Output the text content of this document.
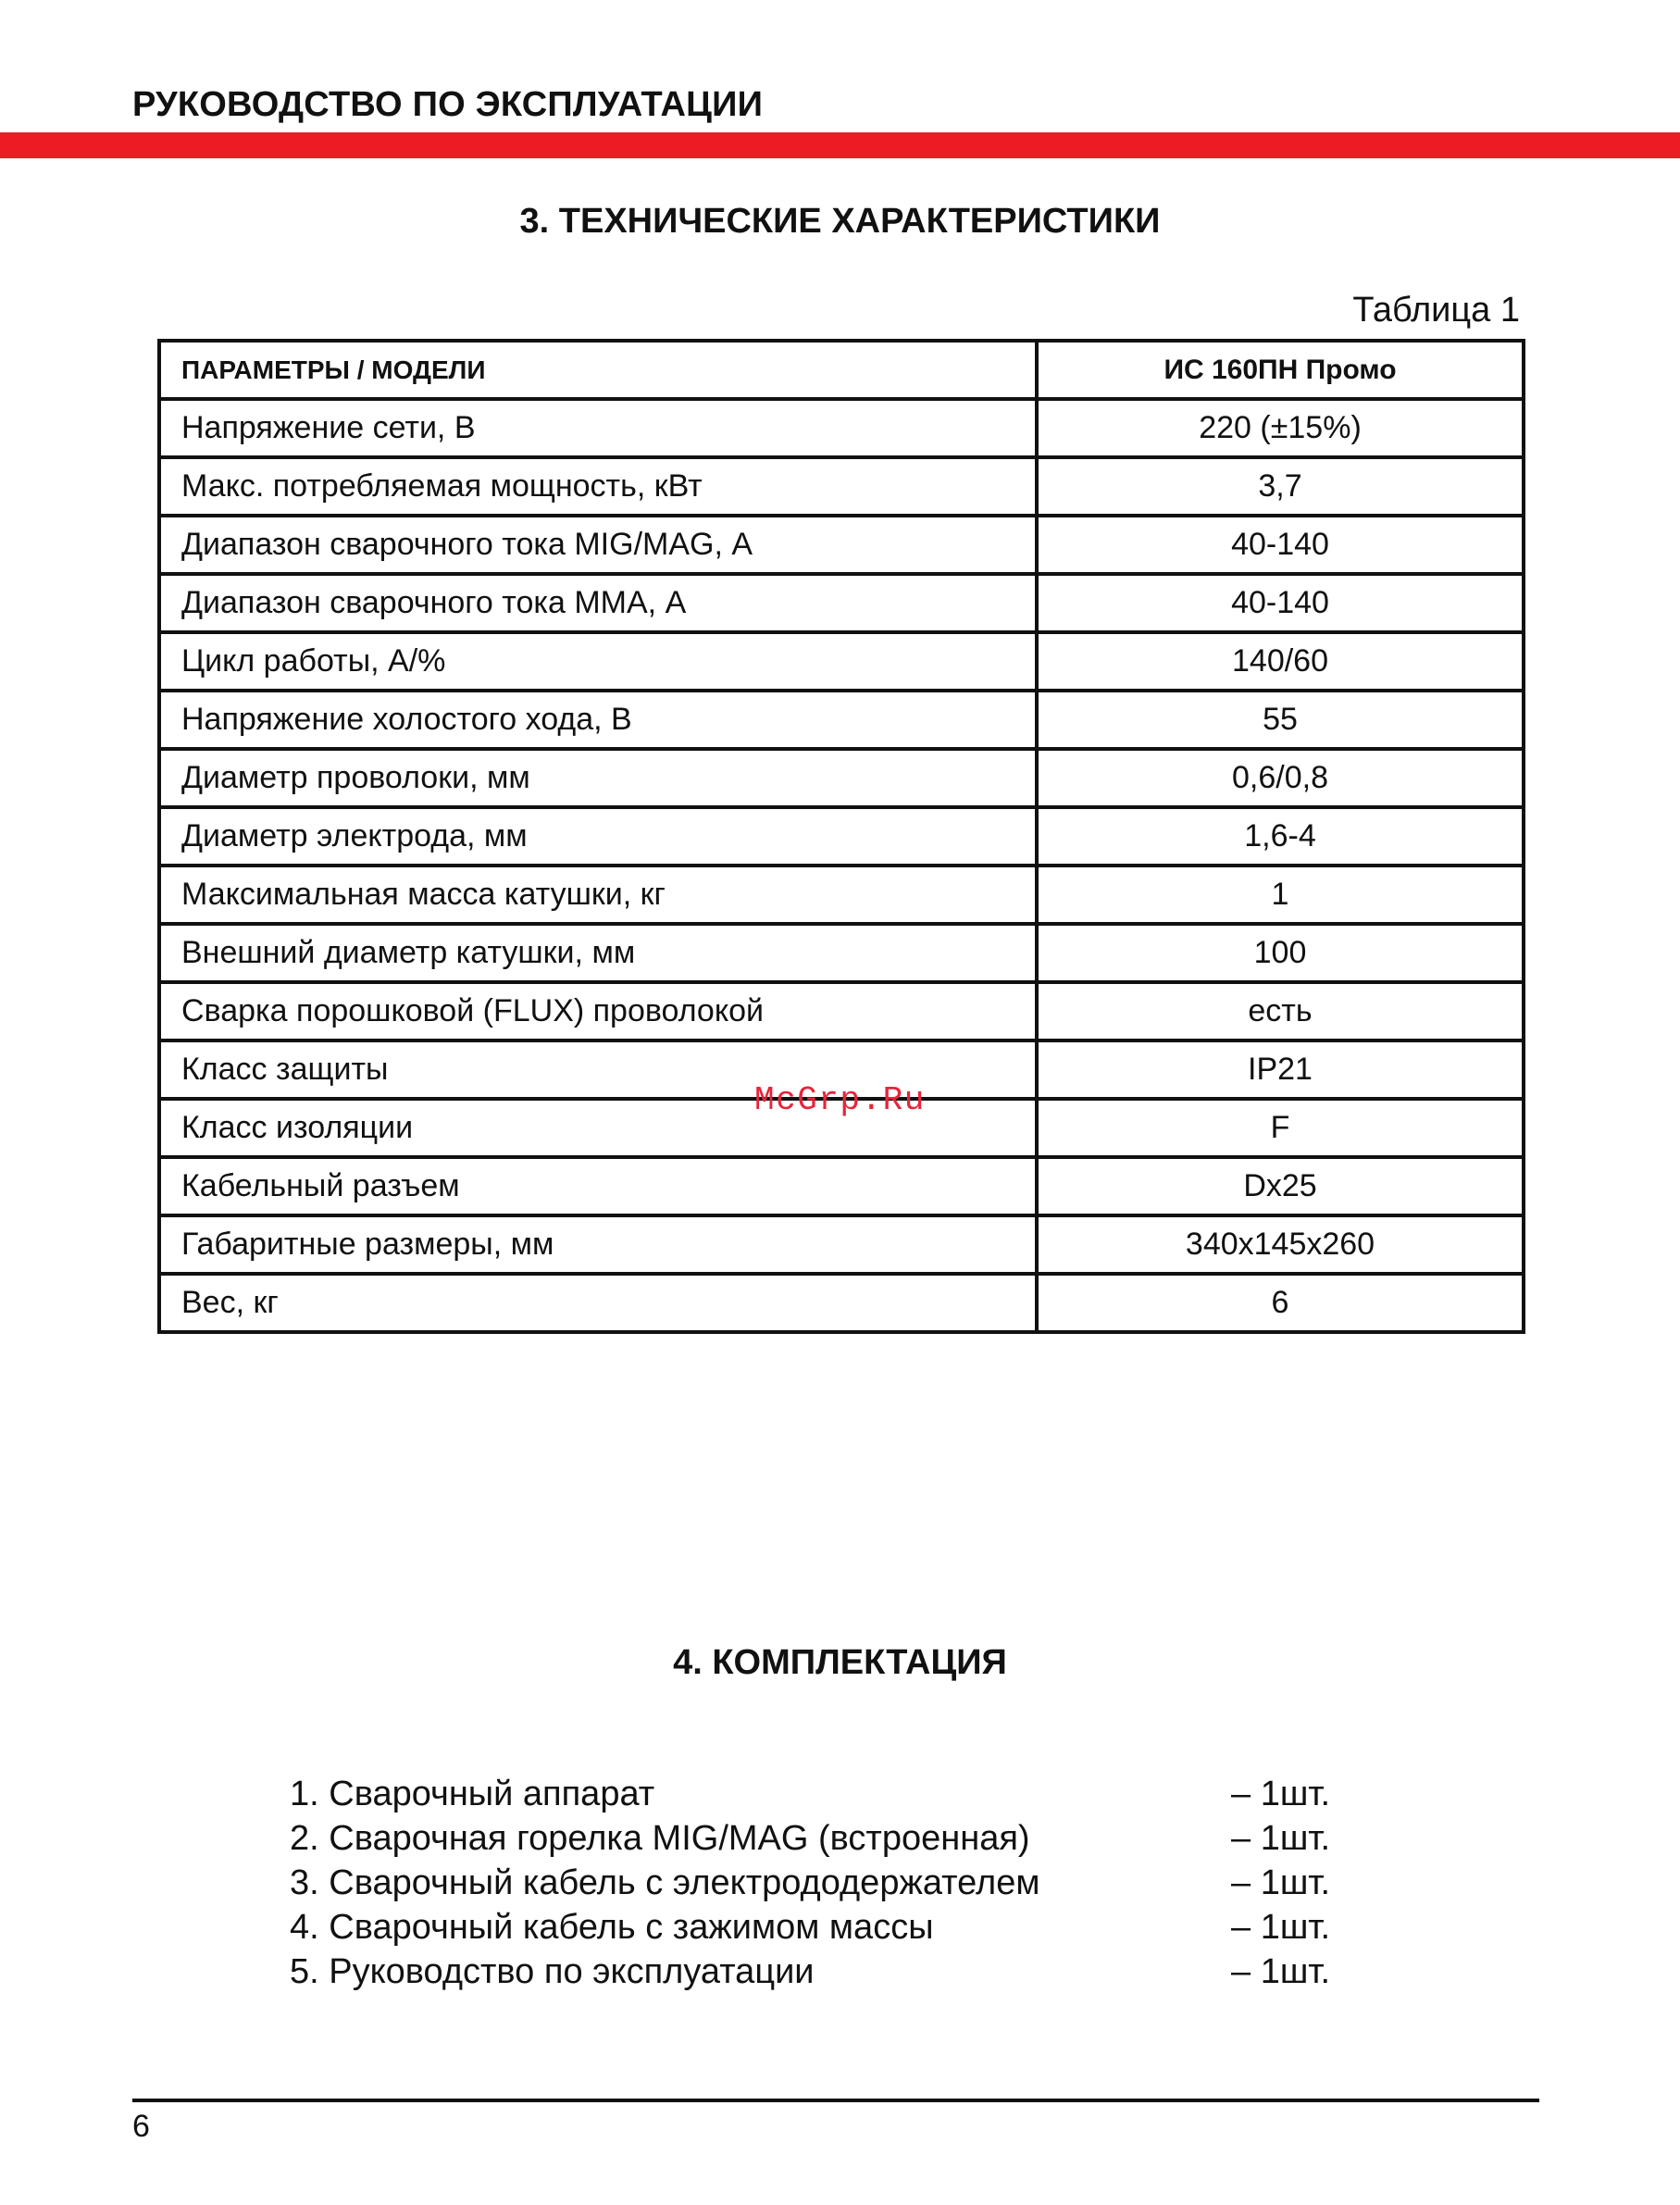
РУКОВОДСТВО ПО ЭКСПЛУАТАЦИИ
3. ТЕХНИЧЕСКИЕ ХАРАКТЕРИСТИКИ
Таблица 1
ПАРАМЕТРЫ / МОДЕЛИ	ИС 160ПН Промо
Напряжение сети, В	220 (±15%)
Макс. потребляемая мощность, кВт	3,7
Диапазон сварочного тока MIG/MAG, А	40-140
Диапазон сварочного тока ММА, А	40-140
Цикл работы, А/%	140/60
Напряжение холостого хода, В	55
Диаметр проволоки, мм	0,6/0,8
Диаметр электрода, мм	1,6-4
Максимальная масса катушки, кг	1
Внешний диаметр катушки, мм	100
Сварка порошковой (FLUX) проволокой	есть
Класс защиты	IP21
Класс изоляции	F
Кабельный разъем	Dx25
Габаритные размеры, мм	340x145x260
Вес, кг	6
McGrp.Ru
4. КОМПЛЕКТАЦИЯ
1. Сварочный аппарат	– 1шт.
2. Сварочная горелка MIG/MAG (встроенная)	– 1шт.
3. Сварочный кабель с электрододержателем	– 1шт.
4. Сварочный кабель с зажимом массы	– 1шт.
5. Руководство по эксплуатации	– 1шт.
6
